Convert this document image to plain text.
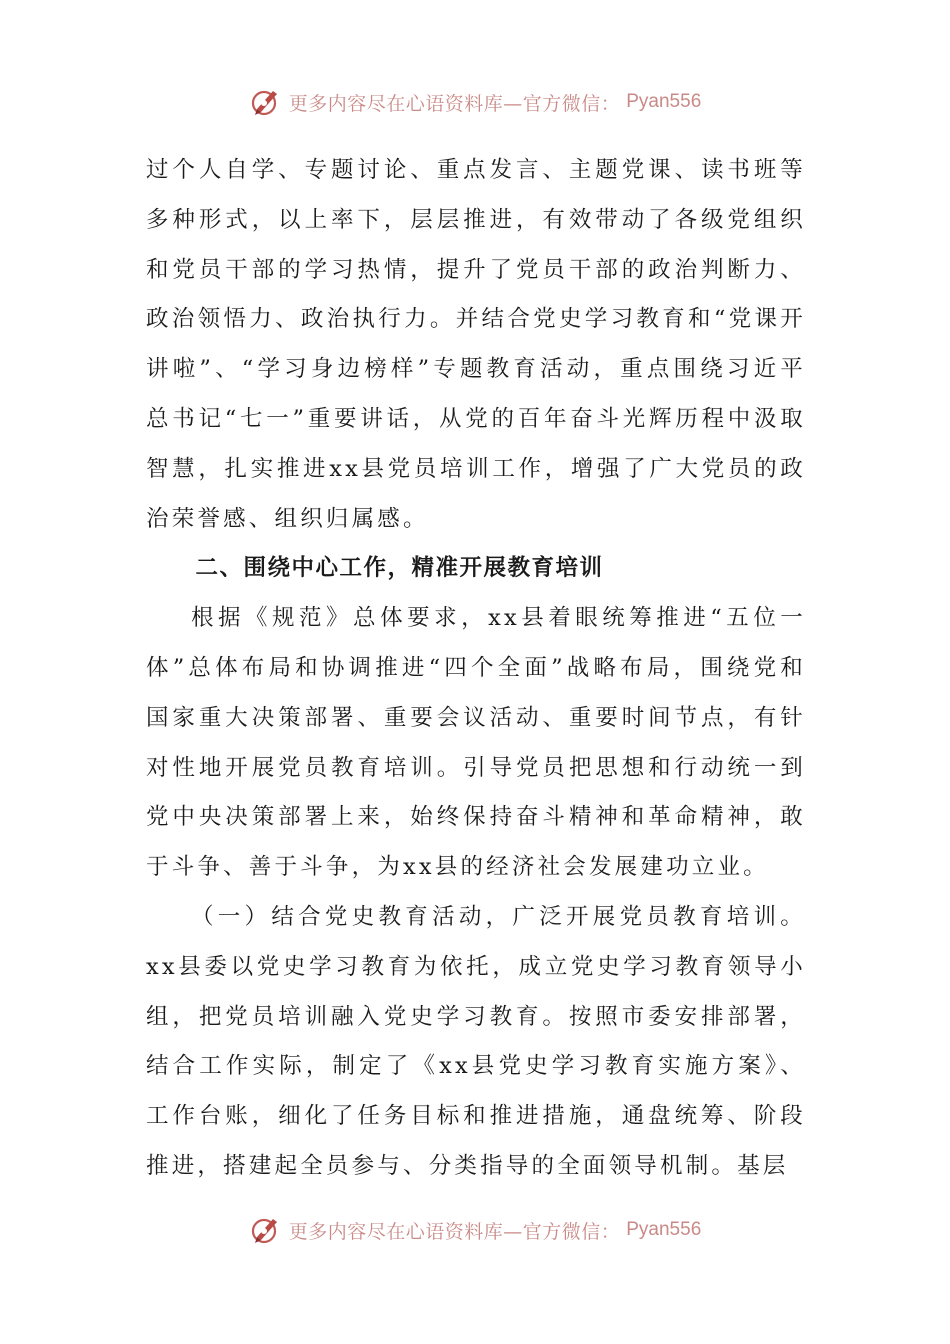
更多内容尽在心语资料库—官方微信： Pyan556

过个人自学、专题讨论、重点发言、主题党课、读书班等多种形式，以上率下，层层推进，有效带动了各级党组织和党员干部的学习热情，提升了党员干部的政治判断力、政治领悟力、政治执行力。并结合党史学习教育和“党课开讲啦”、“学习身边榜样”专题教育活动，重点围绕习近平总书记“七一”重要讲话，从党的百年奋斗光辉历程中汲取智慧，扎实推进xx县党员培训工作，增强了广大党员的政治荣誉感、组织归属感。

二、围绕中心工作，精准开展教育培训

根据《规范》总体要求，xx县着眼统筹推进“五位一体”总体布局和协调推进“四个全面”战略布局，围绕党和国家重大决策部署、重要会议活动、重要时间节点，有针对性地开展党员教育培训。引导党员把思想和行动统一到党中央决策部署上来，始终保持奋斗精神和革命精神，敢于斗争、善于斗争，为xx县的经济社会发展建功立业。

（一）结合党史教育活动，广泛开展党员教育培训。xx县委以党史学习教育为依托，成立党史学习教育领导小组，把党员培训融入党史学习教育。按照市委安排部署，结合工作实际，制定了《xx县党史学习教育实施方案》、工作台账，细化了任务目标和推进措施，通盘统筹、阶段推进，搭建起全员参与、分类指导的全面领导机制。基层

更多内容尽在心语资料库—官方微信： Pyan556
